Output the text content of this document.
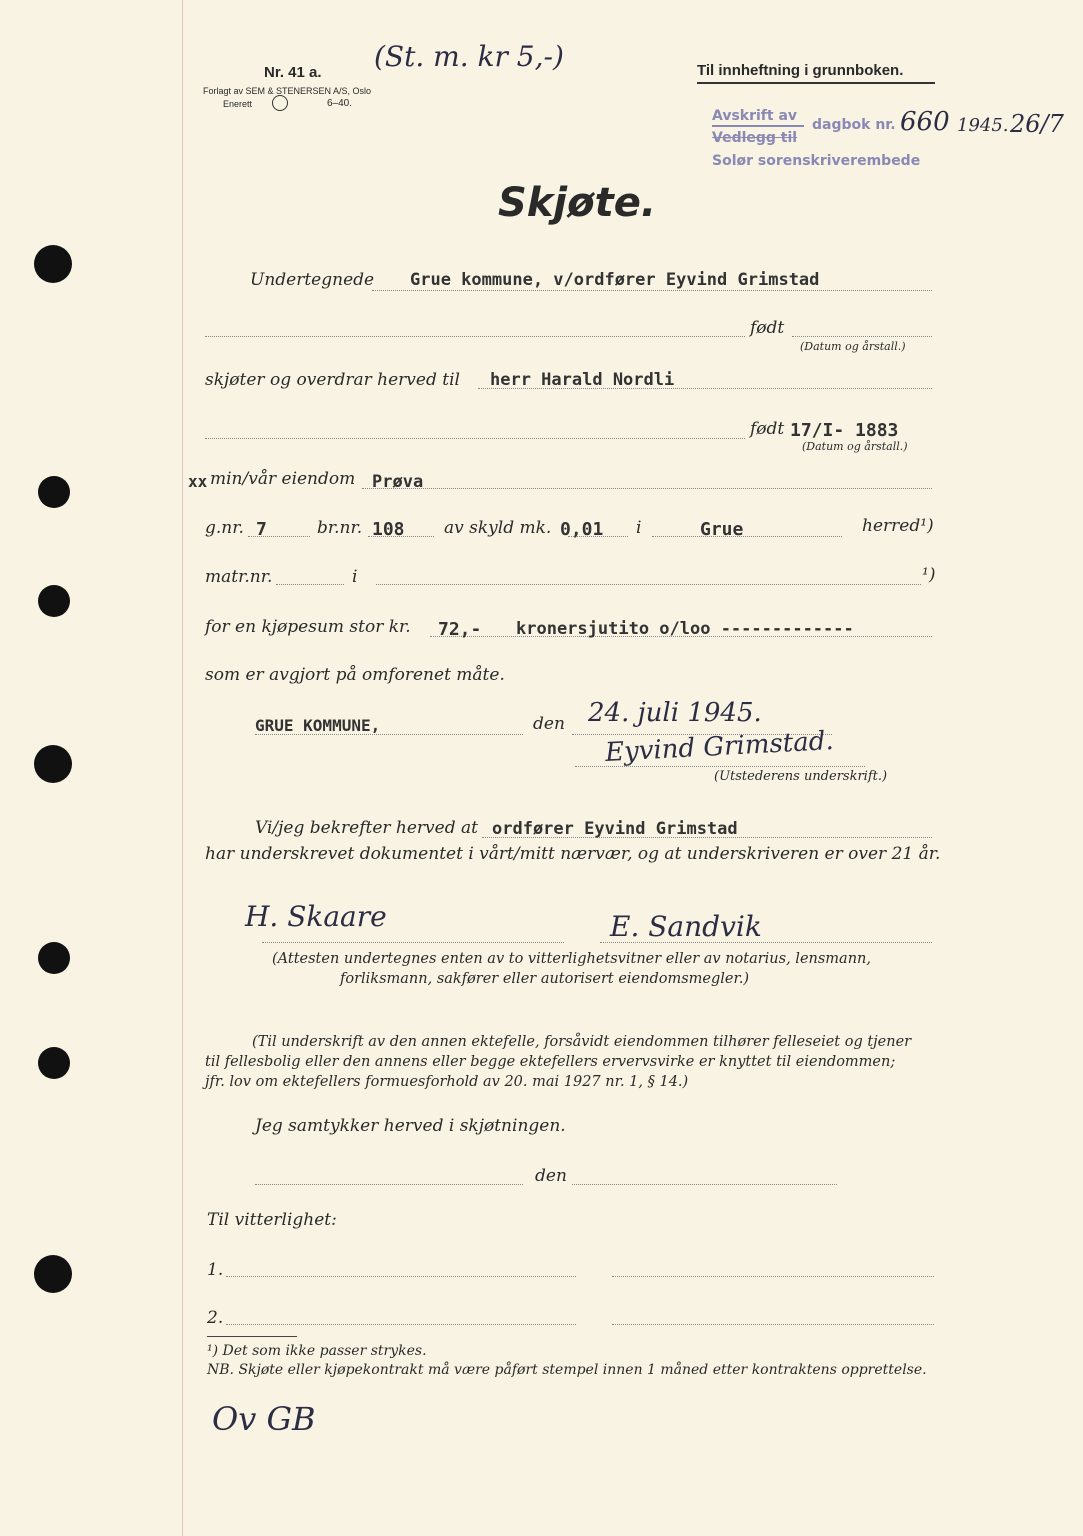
Nr. 41 a.
Forlagt av SEM & STENERSEN A/S, Oslo
Enerett	6–40.
(St. m. kr 5,-)	Til innheftning i grunnboken.
Avskrift av
Vedlegg til
dagbok nr. 660 1945. 26/7
Solør sorenskriverembede
Skjøte.
Undertegnede Grue kommune, v/ordfører Eyvind Grimstad
født
(Datum og årstall.)
skjøter og overdrar herved til herr Harald Nordli
født 17/I- 1883
(Datum og årstall.)
xx min/vår eiendom Prøva
g.nr. 7	br.nr. 108 av skyld mk. 0,01 i	Grue	herred¹)
matr.nr.	i	¹)
for en kjøpesum stor kr. 72,- kronersjutito o/loo -------------
som er avgjort på omforenet måte.
GRUE KOMMUNE,	den 24. juli 1945.
Eyvind Grimstad.
(Utstederens underskrift.)
Vi/jeg bekrefter herved at ordfører Eyvind Grimstad
har underskrevet dokumentet i vårt/mitt nærvær, og at underskriveren er over 21 år.
H. Skaare	E. Sandvik
(Attesten undertegnes enten av to vitterlighetsvitner eller av notarius, lensmann,
forliksmann, sakfører eller autorisert eiendomsmegler.)
(Til underskrift av den annen ektefelle, forsåvidt eiendommen tilhører felleseiet og tjener
til fellesbolig eller den annens eller begge ektefellers ervervsvirke er knyttet til eiendommen;
jfr. lov om ektefellers formuesforhold av 20. mai 1927 nr. 1, § 14.)
Jeg samtykker herved i skjøtningen.
den
Til vitterlighet:
1.
2.
¹) Det som ikke passer strykes.
NB. Skjøte eller kjøpekontrakt må være påført stempel innen 1 måned etter kontraktens opprettelse.
Ov GB
